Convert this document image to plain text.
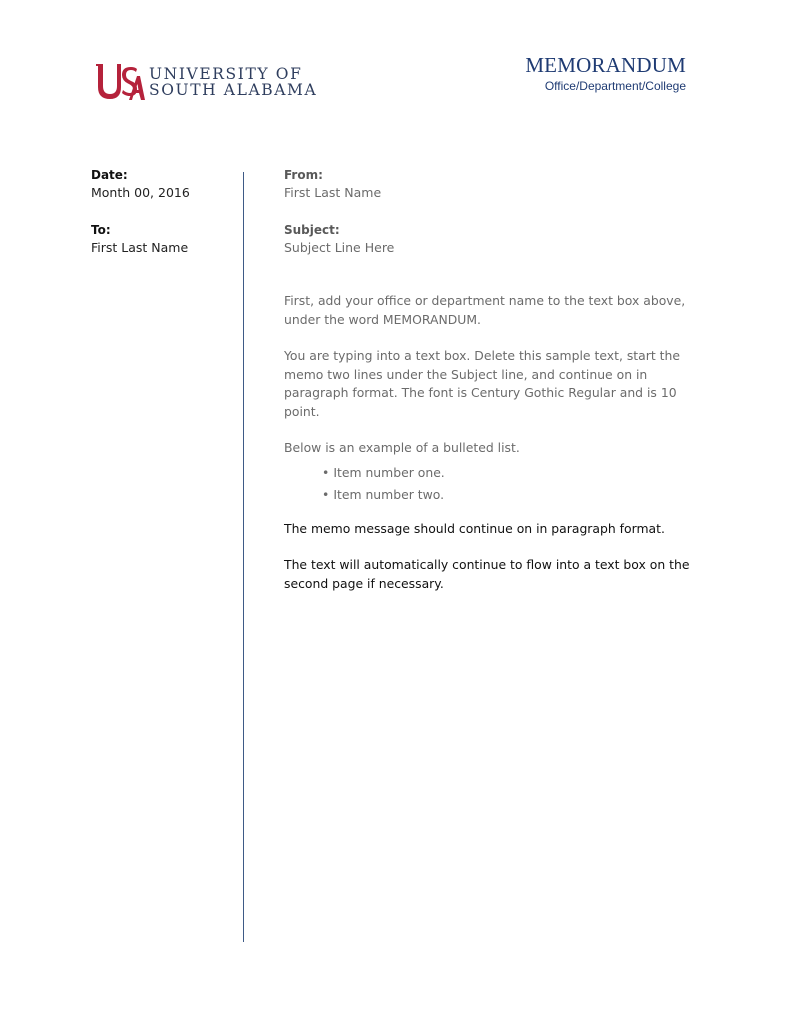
UNIVERSITY OF
SOUTH ALABAMA
MEMORANDUM
Office/Department/College
Date:
Month 00, 2016
To:
First Last Name
From:
First Last Name
Subject:
Subject Line Here

First, add your office or department name to the text box above, under the word MEMORANDUM.

You are typing into a text box. Delete this sample text, start the memo two lines under the Subject line, and continue on in paragraph format. The font is Century Gothic Regular and is 10 point.

Below is an example of a bulleted list.

• Item number one.
• Item number two.

The memo message should continue on in paragraph format.

The text will automatically continue to flow into a text box on the second page if necessary.
